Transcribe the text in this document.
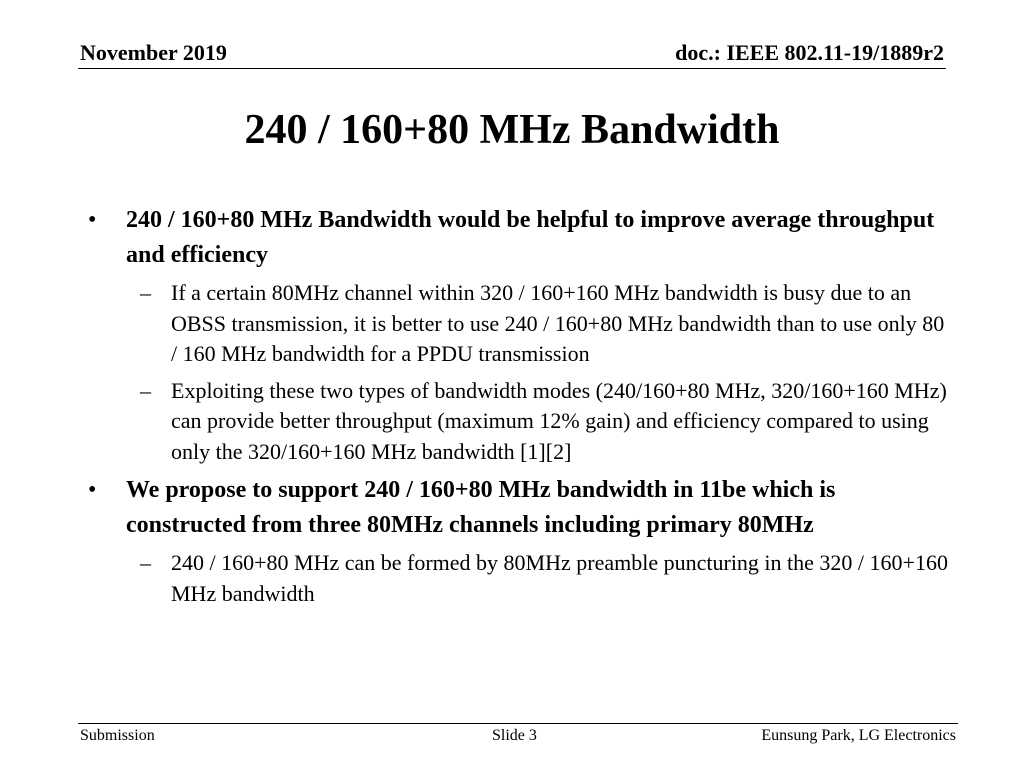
November 2019	doc.: IEEE 802.11-19/1889r2
240 / 160+80 MHz Bandwidth
• 240 / 160+80 MHz Bandwidth would be helpful to improve average throughput and efficiency
– If a certain 80MHz channel within 320 / 160+160 MHz bandwidth is busy due to an OBSS transmission, it is better to use 240 / 160+80 MHz bandwidth than to use only 80 / 160 MHz bandwidth for a PPDU transmission
– Exploiting these two types of bandwidth modes (240/160+80 MHz, 320/160+160 MHz) can provide better throughput (maximum 12% gain) and efficiency compared to using only the 320/160+160 MHz bandwidth [1][2]
• We propose to support 240 / 160+80 MHz bandwidth in 11be which is constructed from three 80MHz channels including primary 80MHz
– 240 / 160+80 MHz can be formed by 80MHz preamble puncturing in the 320 / 160+160 MHz bandwidth
Submission	Slide 3	Eunsung Park, LG Electronics
